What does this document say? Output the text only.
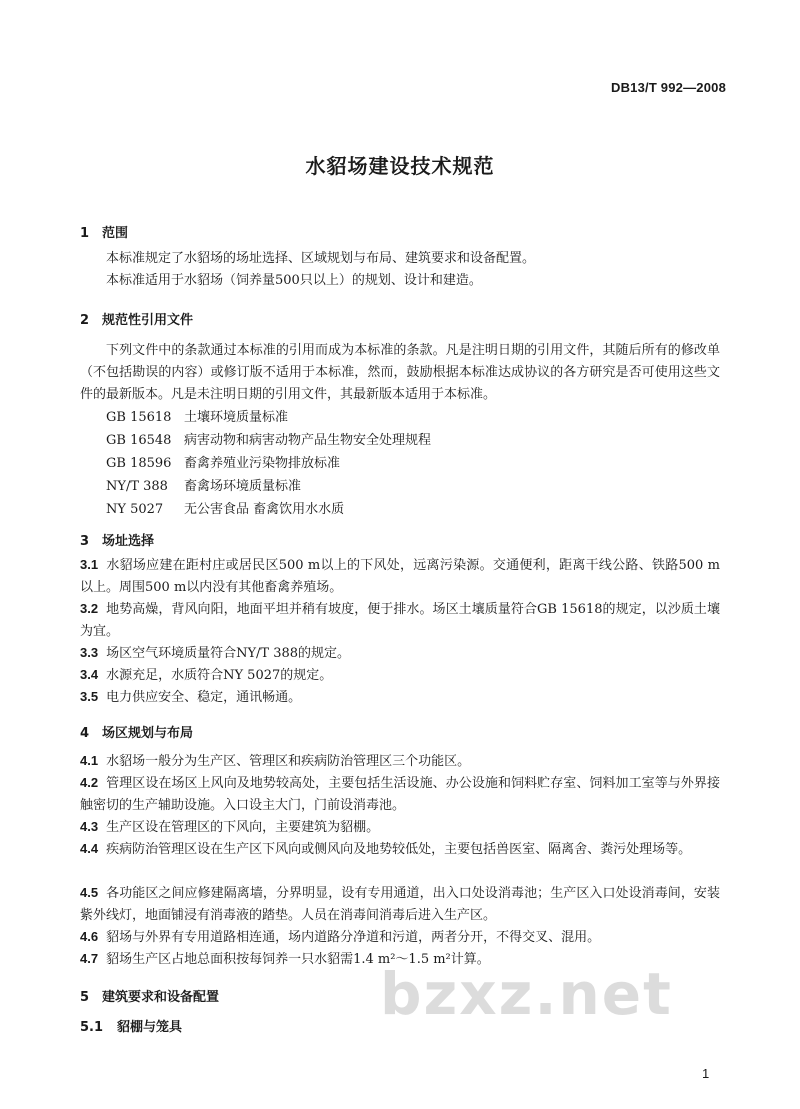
DB13/T 992—2008
水貂场建设技术规范
1 范围
本标准规定了水貂场的场址选择、区域规划与布局、建筑要求和设备配置。
本标准适用于水貂场（饲养量500只以上）的规划、设计和建造。
2 规范性引用文件
下列文件中的条款通过本标准的引用而成为本标准的条款。凡是注明日期的引用文件，其随后所有的修改单（不包括勘误的内容）或修订版不适用于本标准，然而，鼓励根据本标准达成协议的各方研究是否可使用这些文件的最新版本。凡是未注明日期的引用文件，其最新版本适用于本标准。
GB 15618 土壤环境质量标准
GB 16548 病害动物和病害动物产品生物安全处理规程
GB 18596 畜禽养殖业污染物排放标准
NY/T 388 畜禽场环境质量标准
NY 5027 无公害食品 畜禽饮用水水质
3 场址选择
3.1 水貂场应建在距村庄或居民区500 m以上的下风处，远离污染源。交通便利，距离干线公路、铁路500 m以上。周围500 m以内没有其他畜禽养殖场。
3.2 地势高燥，背风向阳，地面平坦并稍有坡度，便于排水。场区土壤质量符合GB 15618的规定，以沙质土壤为宜。
3.3 场区空气环境质量符合NY/T 388的规定。
3.4 水源充足，水质符合NY 5027的规定。
3.5 电力供应安全、稳定，通讯畅通。
4 场区规划与布局
4.1 水貂场一般分为生产区、管理区和疾病防治管理区三个功能区。
4.2 管理区设在场区上风向及地势较高处，主要包括生活设施、办公设施和饲料贮存室、饲料加工室等与外界接触密切的生产辅助设施。入口设主大门，门前设消毒池。
4.3 生产区设在管理区的下风向，主要建筑为貂棚。
4.4 疾病防治管理区设在生产区下风向或侧风向及地势较低处，主要包括兽医室、隔离舍、粪污处理场等。
4.5 各功能区之间应修建隔离墙，分界明显，设有专用通道，出入口处设消毒池；生产区入口处设消毒间，安装紫外线灯，地面铺浸有消毒液的踏垫。人员在消毒间消毒后进入生产区。
4.6 貂场与外界有专用道路相连通，场内道路分净道和污道，两者分开，不得交叉、混用。
4.7 貂场生产区占地总面积按每饲养一只水貂需1.4 m²～1.5 m²计算。
5 建筑要求和设备配置
5.1 貂棚与笼具	bzxz.net
1
